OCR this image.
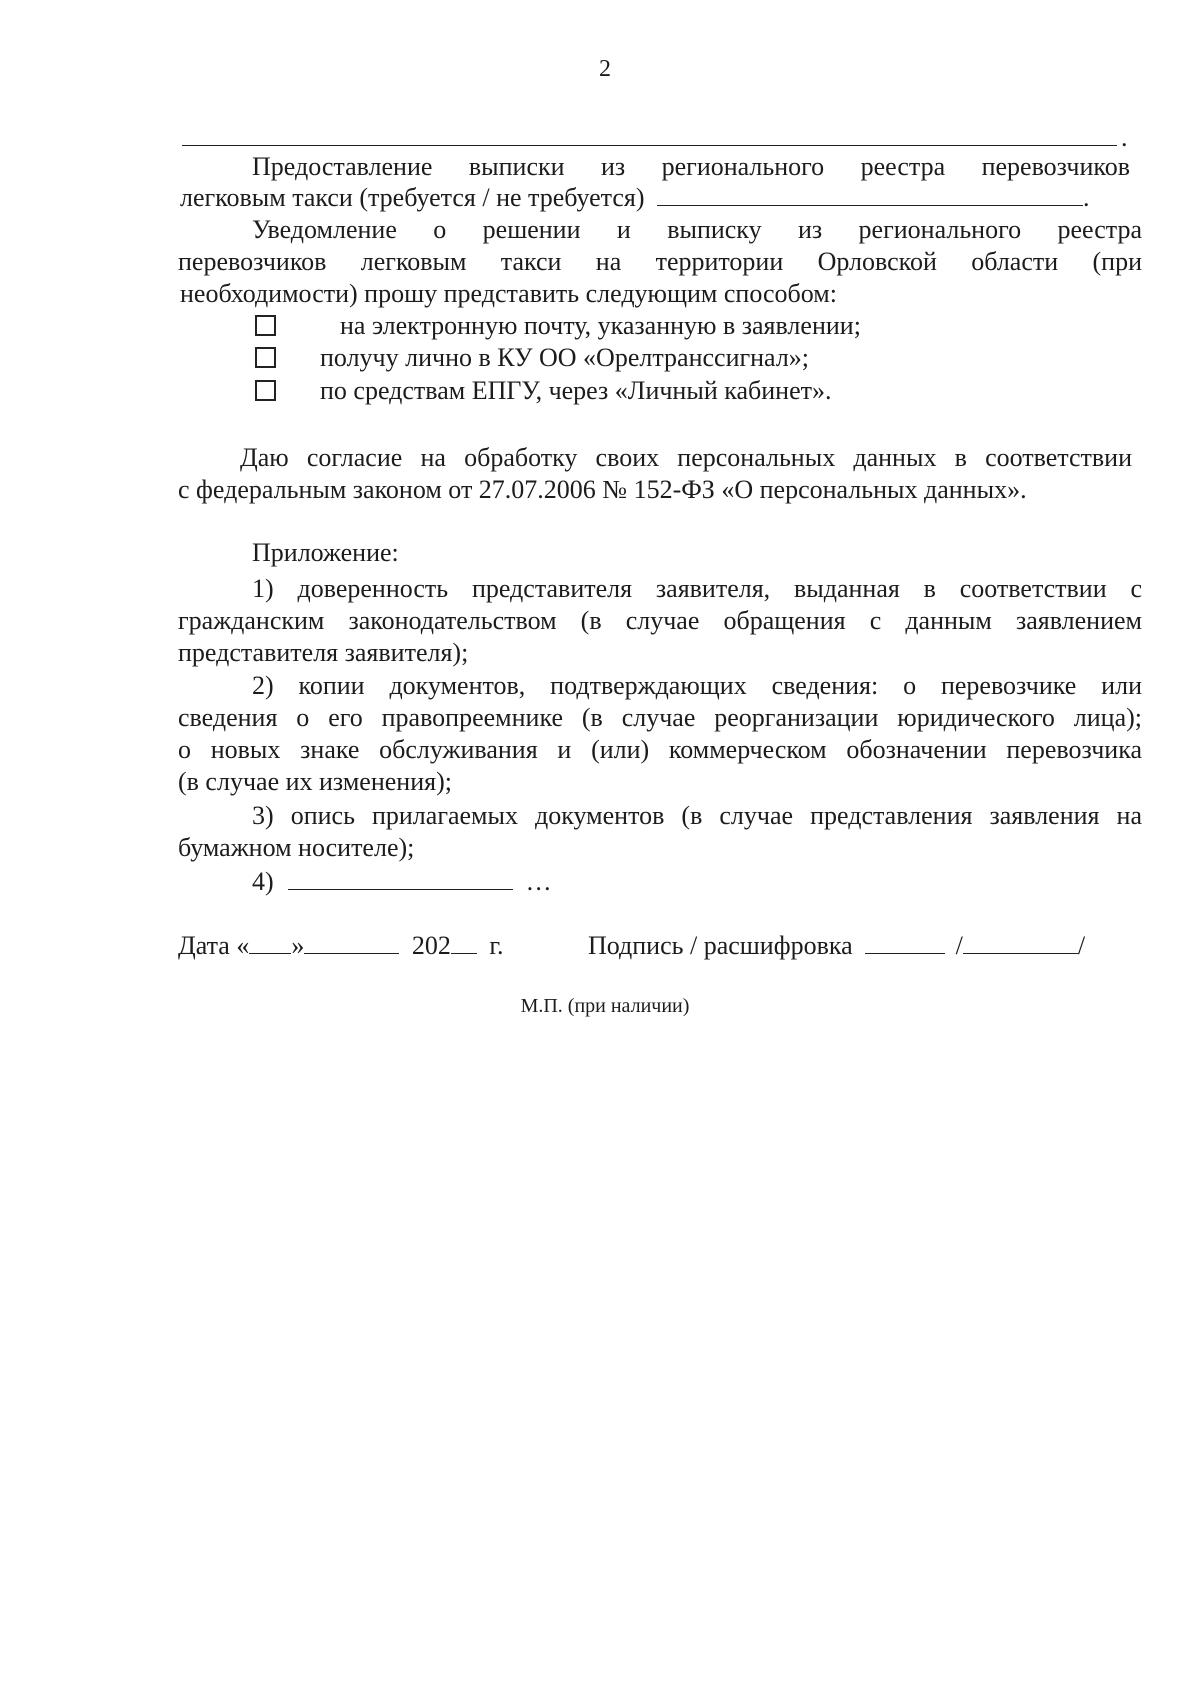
2
.
Предоставление выписки из регионального реестра перевозчиков
легковым такси (требуется / не требуется)	.
Уведомление о решении и выписку из регионального реестра
перевозчиков легковым такси на территории Орловской области (при
необходимости) прошу представить следующим способом:
на электронную почту, указанную в заявлении;
получу лично в КУ ОО «Орелтранссигнал»;
по средствам ЕПГУ, через «Личный кабинет».
Даю согласие на обработку своих персональных данных в соответствии
с федеральным законом от 27.07.2006 № 152-ФЗ «О персональных данных».
Приложение:
1) доверенность представителя заявителя, выданная в соответствии с
гражданским законодательством (в случае обращения с данным заявлением
представителя заявителя);
2) копии документов, подтверждающих сведения: о перевозчике или
сведения о его правопреемнике (в случае реорганизации юридического лица);
о новых знаке обслуживания и (или) коммерческом обозначении перевозчика
(в случае их изменения);
3) опись прилагаемых документов (в случае представления заявления на
бумажном носителе);
4)	…
Дата « »	202 г.	Подпись / расшифровка	/	/
М.П. (при наличии)
